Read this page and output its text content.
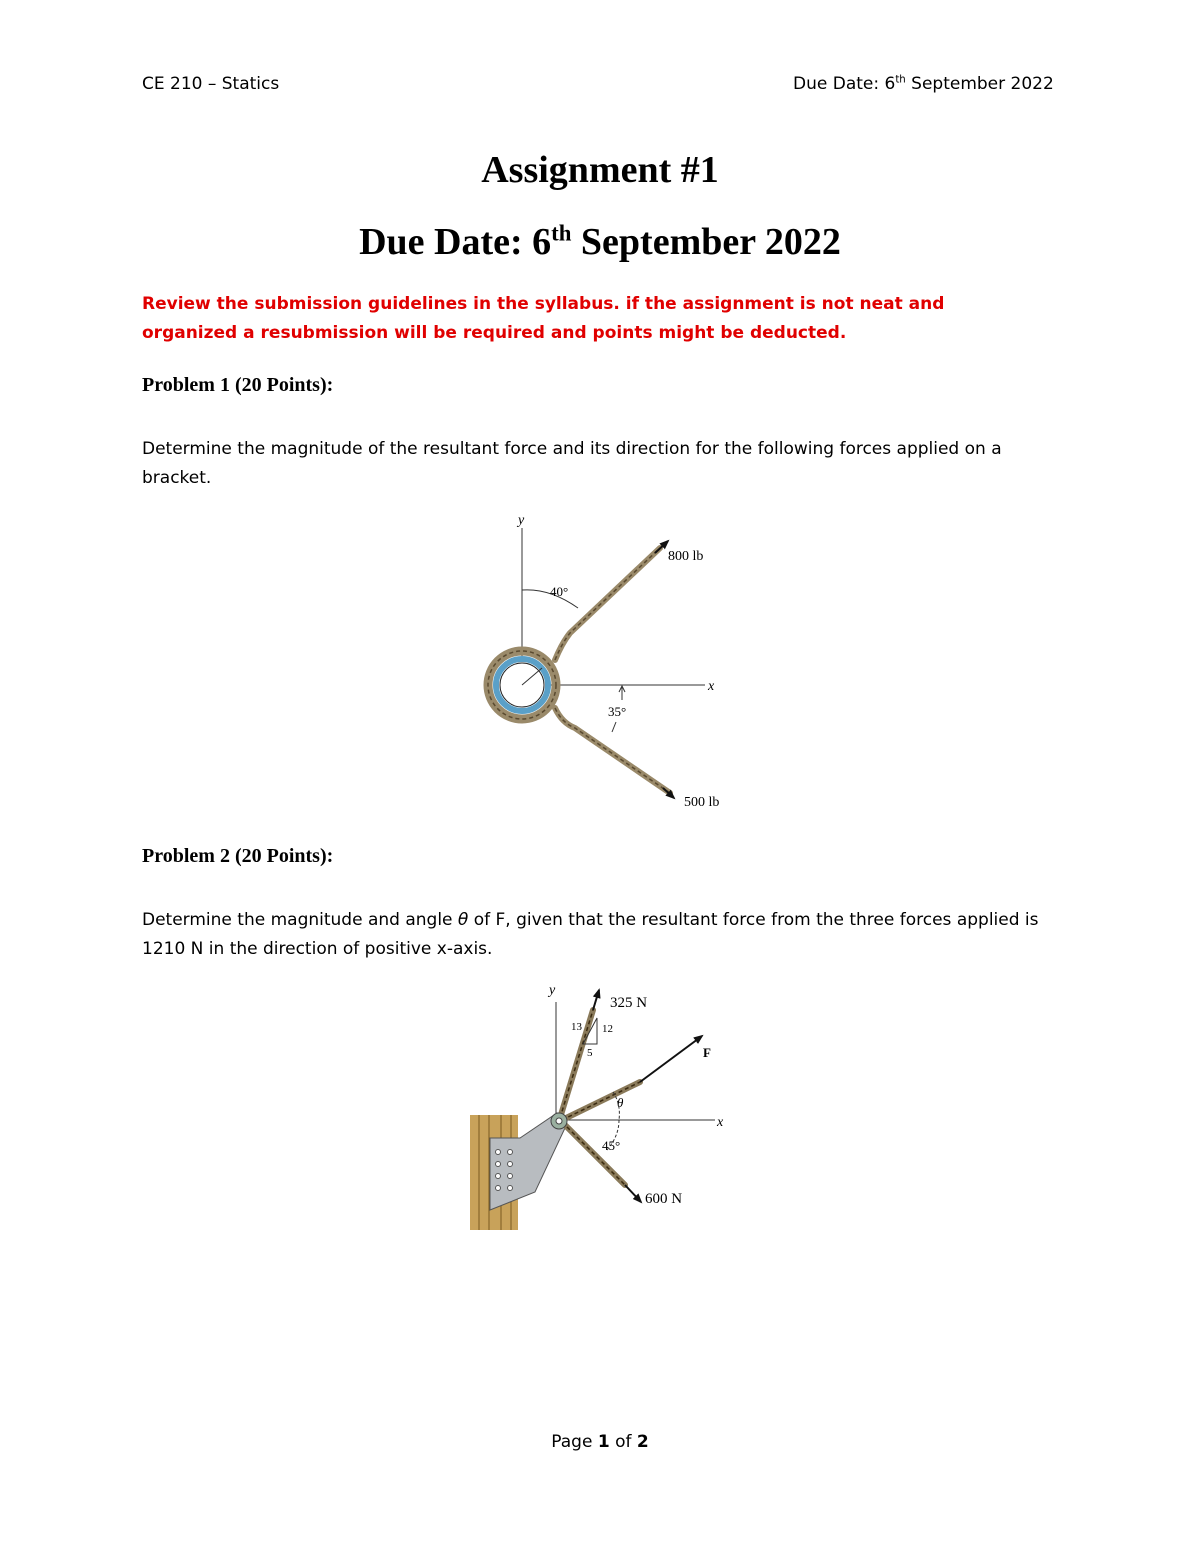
CE 210 – Statics	Due Date: 6th September 2022
Assignment #1
Due Date: 6th September 2022
Review the submission guidelines in the syllabus. if the assignment is not neat and organized a resubmission will be required and points might be deducted.
Problem 1 (20 Points):
Determine the magnitude of the resultant force and its direction for the following forces applied on a bracket.
y
x
40°
35°
800 lb
500 lb
Problem 2 (20 Points):
Determine the magnitude and angle θ of F, given that the resultant force from the three forces applied is 1210 N in the direction of positive x-axis.
y
x
13 12
5
θ
45°
325 N
F
600 N
Page 1 of 2
